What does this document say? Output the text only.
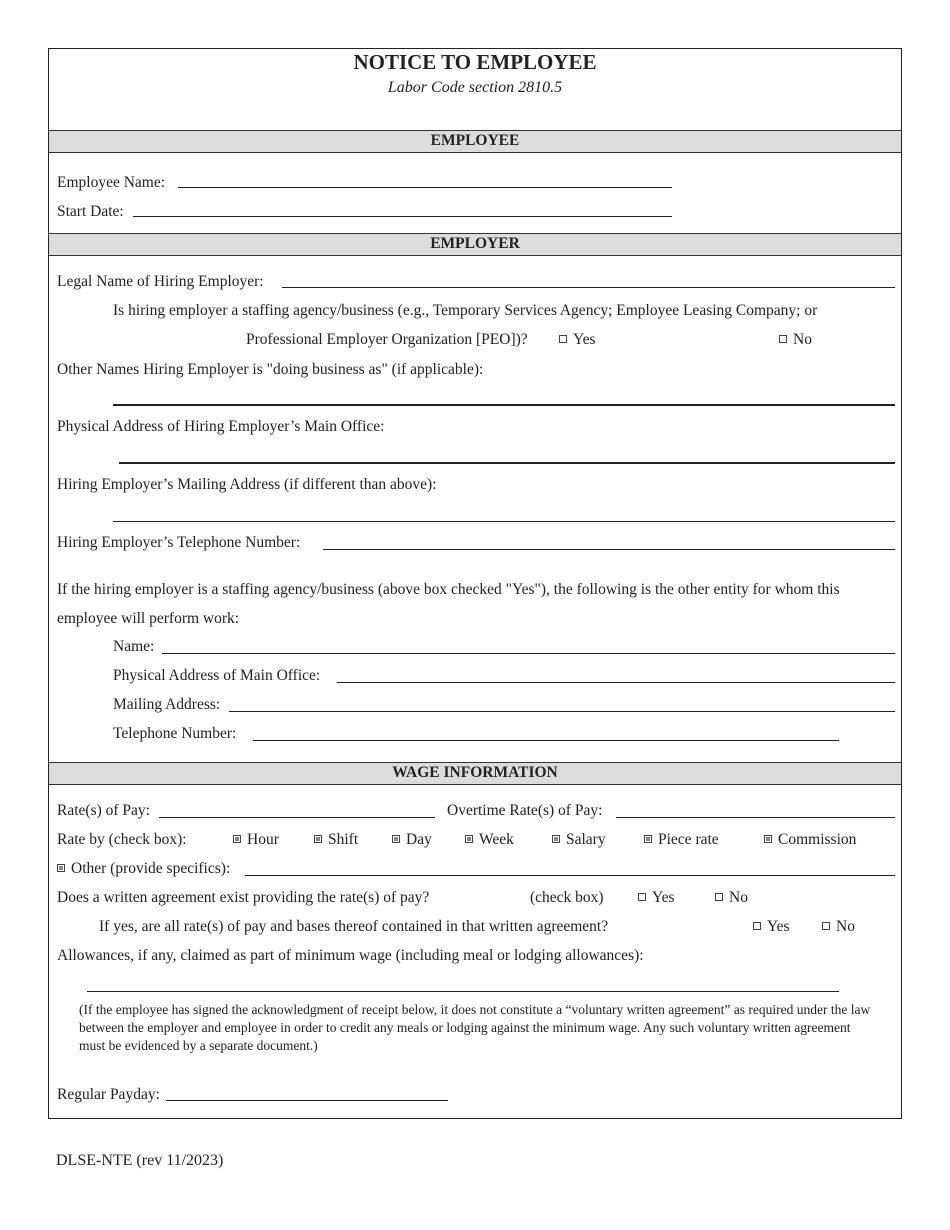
NOTICE TO EMPLOYEE
Labor Code section 2810.5
EMPLOYEE
Employee Name:
Start Date:
EMPLOYER
Legal Name of Hiring Employer:
Is hiring employer a staffing agency/business (e.g., Temporary Services Agency; Employee Leasing Company; or
Professional Employer Organization [PEO])?	Yes	No
Other Names Hiring Employer is "doing business as" (if applicable):
Physical Address of Hiring Employer’s Main Office:
Hiring Employer’s Mailing Address (if different than above):
Hiring Employer’s Telephone Number:
If the hiring employer is a staffing agency/business (above box checked "Yes"), the following is the other entity for whom this
employee will perform work:
Name:
Physical Address of Main Office:
Mailing Address:
Telephone Number:
WAGE INFORMATION
Rate(s) of Pay:	Overtime Rate(s) of Pay:
Rate by (check box):	Hour	Shift	Day	Week	Salary	Piece rate	Commission
Other (provide specifics):
Does a written agreement exist providing the rate(s) of pay?	(check box)	Yes	No
If yes, are all rate(s) of pay and bases thereof contained in that written agreement?	Yes	No
Allowances, if any, claimed as part of minimum wage (including meal or lodging allowances):
(If the employee has signed the acknowledgment of receipt below, it does not constitute a “voluntary written agreement” as required under the law between the employer and employee in order to credit any meals or lodging against the minimum wage. Any such voluntary written agreement must be evidenced by a separate document.)
Regular Payday:
DLSE-NTE (rev 11/2023)
